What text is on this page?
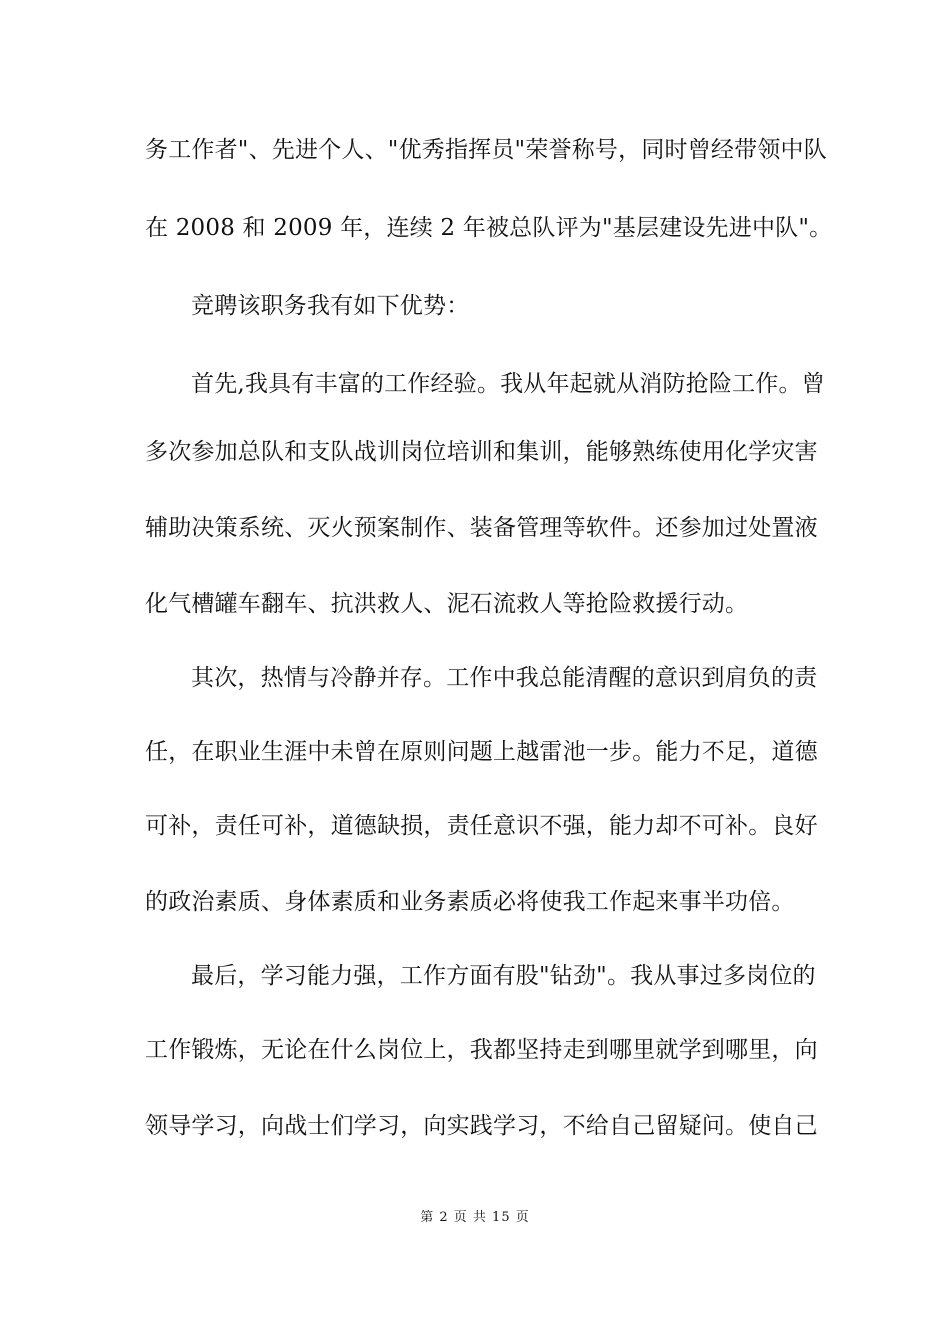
务工作者"、先进个人、"优秀指挥员"荣誉称号，同时曾经带领中队
在 2008 和 2009 年，连续 2 年被总队评为"基层建设先进中队"。
竞聘该职务我有如下优势：
首先,我具有丰富的工作经验。我从年起就从消防抢险工作。曾
多次参加总队和支队战训岗位培训和集训，能够熟练使用化学灾害
辅助决策系统、灭火预案制作、装备管理等软件。还参加过处置液
化气槽罐车翻车、抗洪救人、泥石流救人等抢险救援行动。
其次，热情与冷静并存。工作中我总能清醒的意识到肩负的责
任，在职业生涯中未曾在原则问题上越雷池一步。能力不足，道德
可补，责任可补，道德缺损，责任意识不强，能力却不可补。良好
的政治素质、身体素质和业务素质必将使我工作起来事半功倍。
最后，学习能力强，工作方面有股"钻劲"。我从事过多岗位的
工作锻炼，无论在什么岗位上，我都坚持走到哪里就学到哪里，向
领导学习，向战士们学习，向实践学习，不给自己留疑问。使自己
第 2 页 共 15 页
